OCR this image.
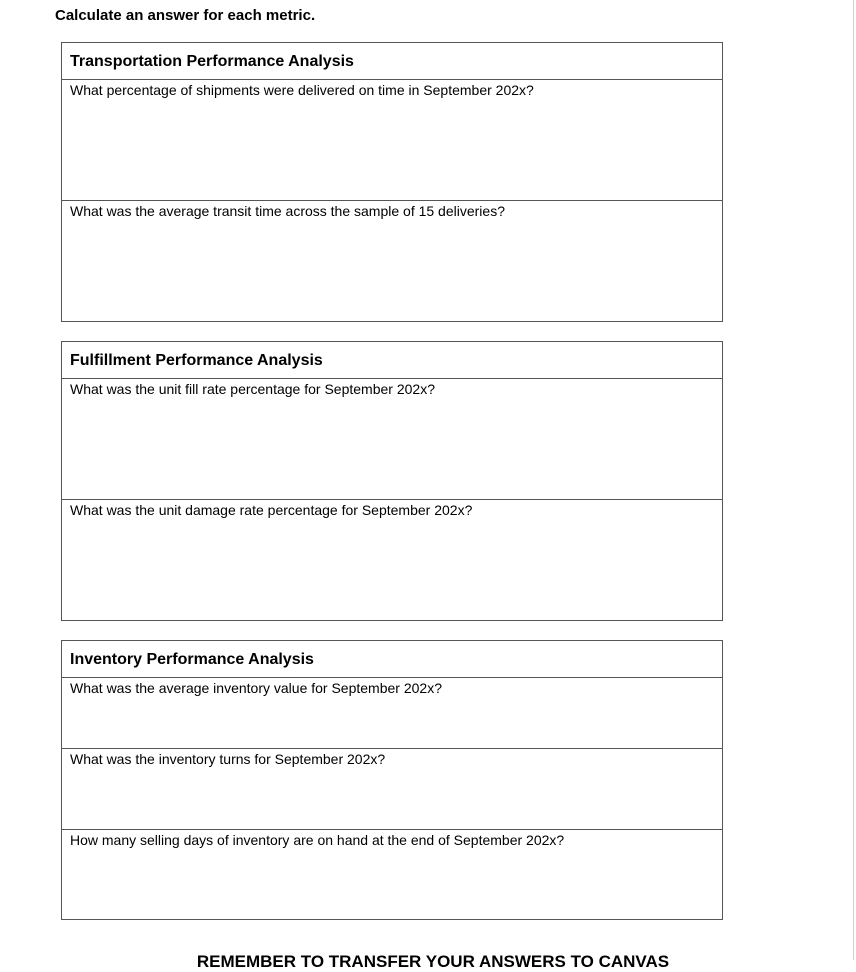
Calculate an answer for each metric.
Transportation Performance Analysis
What percentage of shipments were delivered on time in September 202x?
What was the average transit time across the sample of 15 deliveries?
Fulfillment Performance Analysis
What was the unit fill rate percentage for September 202x?
What was the unit damage rate percentage for September 202x?
Inventory Performance Analysis
What was the average inventory value for September 202x?
What was the inventory turns for September 202x?
How many selling days of inventory are on hand at the end of September 202x?
REMEMBER TO TRANSFER YOUR ANSWERS TO CANVAS
